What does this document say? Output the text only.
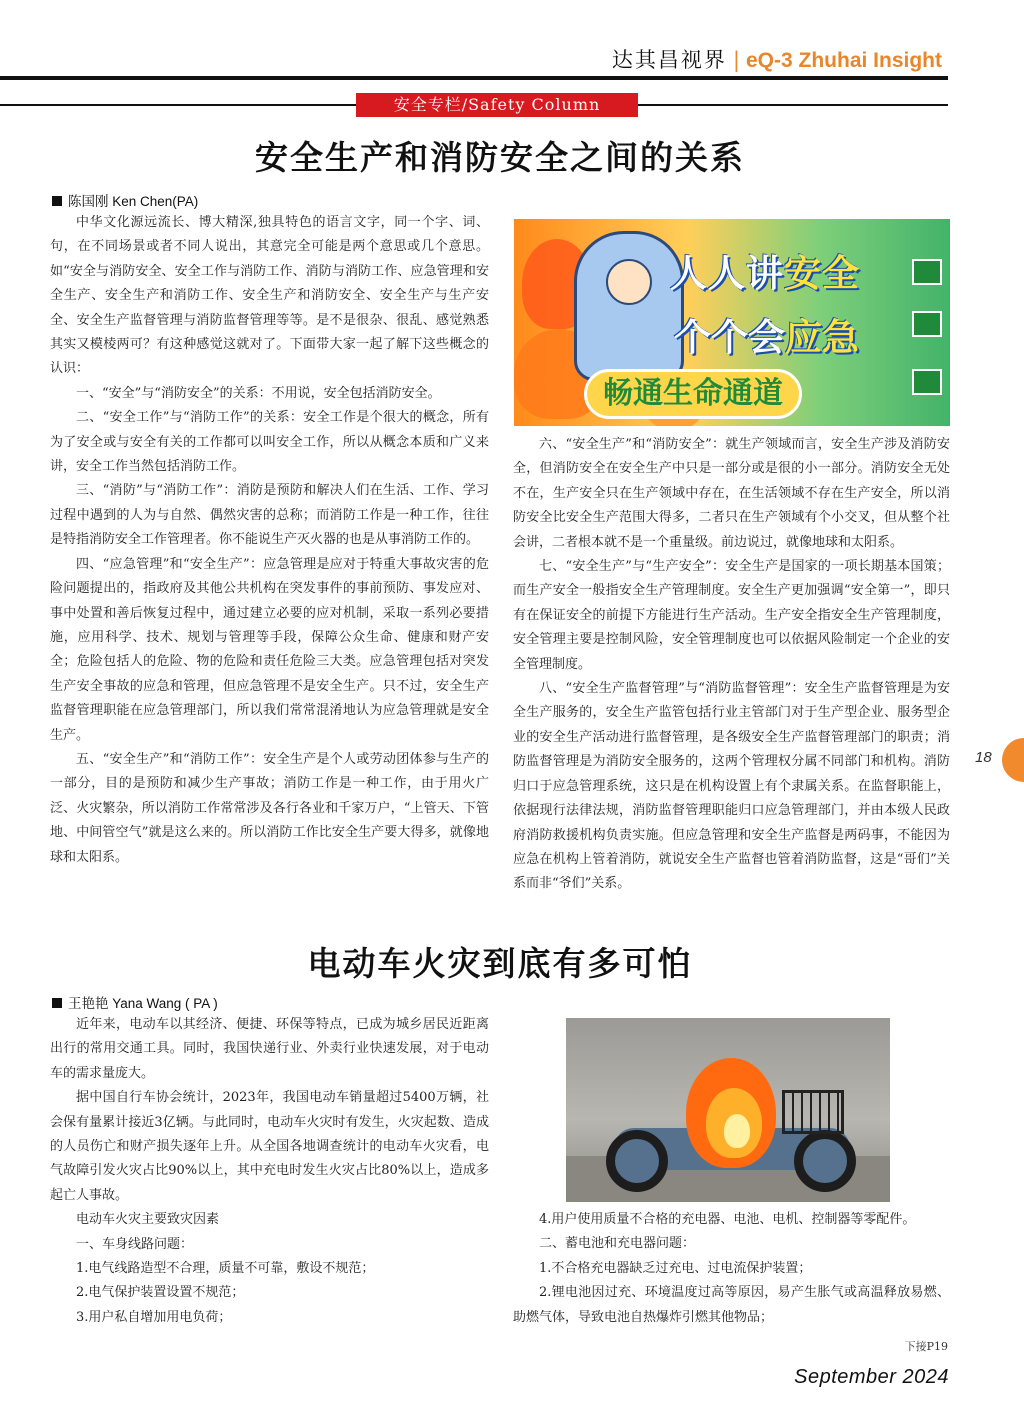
达其昌视界 | eQ-3 Zhuhai Insight
安全专栏/Safety Column
安全生产和消防安全之间的关系
陈国刚 Ken Chen(PA)

中华文化源远流长、博大精深,独具特色的语言文字，同一个字、词、句，在不同场景或者不同人说出，其意完全可能是两个意思或几个意思。如“安全与消防安全、安全工作与消防工作、消防与消防工作、应急管理和安全生产、安全生产和消防工作、安全生产和消防安全、安全生产与生产安全、安全生产监督管理与消防监督管理等等。是不是很杂、很乱、感觉熟悉其实又模棱两可？有这种感觉这就对了。下面带大家一起了解下这些概念的认识：

一、“安全”与“消防安全”的关系：不用说，安全包括消防安全。

二、“安全工作”与“消防工作”的关系：安全工作是个很大的概念，所有为了安全或与安全有关的工作都可以叫安全工作，所以从概念本质和广义来讲，安全工作当然包括消防工作。

三、“消防”与“消防工作”：消防是预防和解决人们在生活、工作、学习过程中遇到的人为与自然、偶然灾害的总称；而消防工作是一种工作，往往是特指消防安全工作管理者。你不能说生产灭火器的也是从事消防工作的。

四、“应急管理”和“安全生产”：应急管理是应对于特重大事故灾害的危险问题提出的，指政府及其他公共机构在突发事件的事前预防、事发应对、事中处置和善后恢复过程中，通过建立必要的应对机制，采取一系列必要措施，应用科学、技术、规划与管理等手段，保障公众生命、健康和财产安全；危险包括人的危险、物的危险和责任危险三大类。应急管理包括对突发生产安全事故的应急和管理，但应急管理不是安全生产。只不过，安全生产监督管理职能在应急管理部门，所以我们常常混淆地认为应急管理就是安全生产。

五、“安全生产”和“消防工作”：安全生产是个人或劳动团体参与生产的一部分，目的是预防和减少生产事故；消防工作是一种工作，由于用火广泛、火灾繁杂，所以消防工作常常涉及各行各业和千家万户，“上管天、下管地、中间管空气”就是这么来的。所以消防工作比安全生产要大得多，就像地球和太阳系。

人人讲安全
个个会应急
畅通生命通道

六、“安全生产”和“消防安全”：就生产领域而言，安全生产涉及消防安全，但消防安全在安全生产中只是一部分或是很的小一部分。消防安全无处不在，生产安全只在生产领域中存在，在生活领域不存在生产安全，所以消防安全比安全生产范围大得多，二者只在生产领域有个小交叉，但从整个社会讲，二者根本就不是一个重量级。前边说过，就像地球和太阳系。

七、“安全生产”与“生产安全”：安全生产是国家的一项长期基本国策；而生产安全一般指安全生产管理制度。安全生产更加强调“安全第一”，即只有在保证安全的前提下方能进行生产活动。生产安全指安全生产管理制度，安全管理主要是控制风险，安全管理制度也可以依据风险制定一个企业的安全管理制度。

八、“安全生产监督管理”与“消防监督管理”：安全生产监督管理是为安全生产服务的，安全生产监管包括行业主管部门对于生产型企业、服务型企业的安全生产活动进行监督管理，是各级安全生产监督管理部门的职责；消防监督管理是为消防安全服务的，这两个管理权分属不同部门和机构。消防归口于应急管理系统，这只是在机构设置上有个隶属关系。在监督职能上，依据现行法律法规，消防监督管理职能归口应急管理部门，并由本级人民政府消防救援机构负责实施。但应急管理和安全生产监督是两码事，不能因为应急在机构上管着消防，就说安全生产监督也管着消防监督，这是“哥们”关系而非“爷们”关系。

电动车火灾到底有多可怕
王艳艳 Yana Wang ( PA )

近年来，电动车以其经济、便捷、环保等特点，已成为城乡居民近距离出行的常用交通工具。同时，我国快递行业、外卖行业快速发展，对于电动车的需求量庞大。

据中国自行车协会统计，2023年，我国电动车销量超过5400万辆，社会保有量累计接近3亿辆。与此同时，电动车火灾时有发生，火灾起数、造成的人员伤亡和财产损失逐年上升。从全国各地调查统计的电动车火灾看，电气故障引发火灾占比90%以上，其中充电时发生火灾占比80%以上，造成多起亡人事故。

电动车火灾主要致灾因素

一、车身线路问题：

1.电气线路造型不合理，质量不可靠，敷设不规范；

2.电气保护装置设置不规范；

3.用户私自增加用电负荷；

4.用户使用质量不合格的充电器、电池、电机、控制器等零配件。

二、蓄电池和充电器问题：

1.不合格充电器缺乏过充电、过电流保护装置；

2.锂电池因过充、环境温度过高等原因，易产生胀气或高温释放易燃、助燃气体，导致电池自热爆炸引燃其他物品；

下接P19
September 2024
18
